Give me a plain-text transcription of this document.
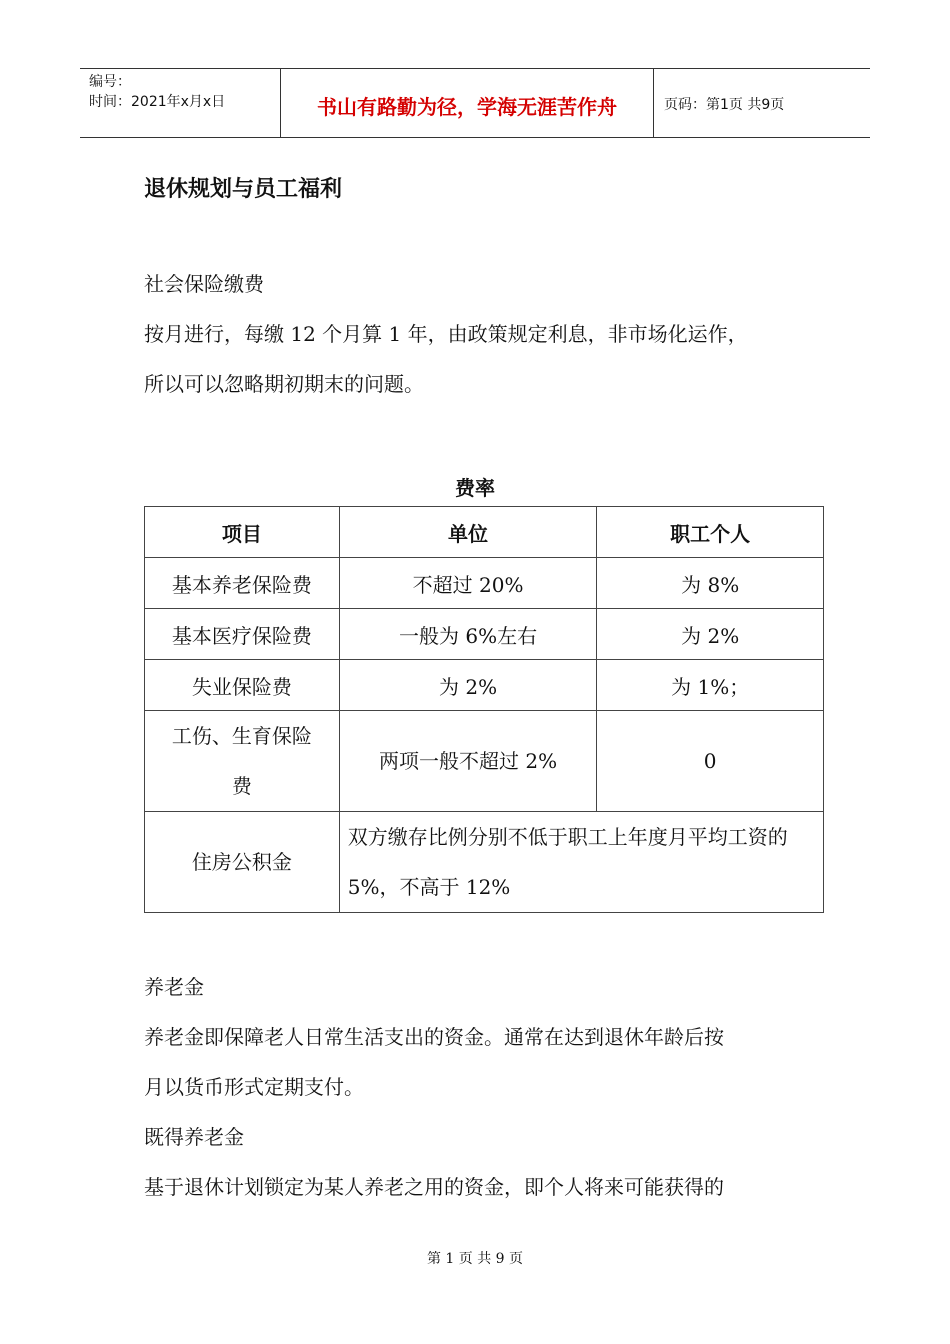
编号：
时间：2021年x月x日	书山有路勤为径，学海无涯苦作舟	页码：第1页 共9页
退休规划与员工福利
社会保险缴费
按月进行，每缴 12 个月算 1 年，由政策规定利息，非市场化运作，
所以可以忽略期初期末的问题。
费率
项目	单位	职工个人
基本养老保险费	不超过 20%	为 8%
基本医疗保险费	一般为 6%左右	为 2%
失业保险费	为 2%	为 1%；
工伤、生育保险费	两项一般不超过 2%	0
住房公积金	双方缴存比例分别不低于职工上年度月平均工资的 5%，不高于 12%	
养老金
养老金即保障老人日常生活支出的资金。通常在达到退休年龄后按
月以货币形式定期支付。
既得养老金
基于退休计划锁定为某人养老之用的资金，即个人将来可能获得的
第 1 页 共 9 页
